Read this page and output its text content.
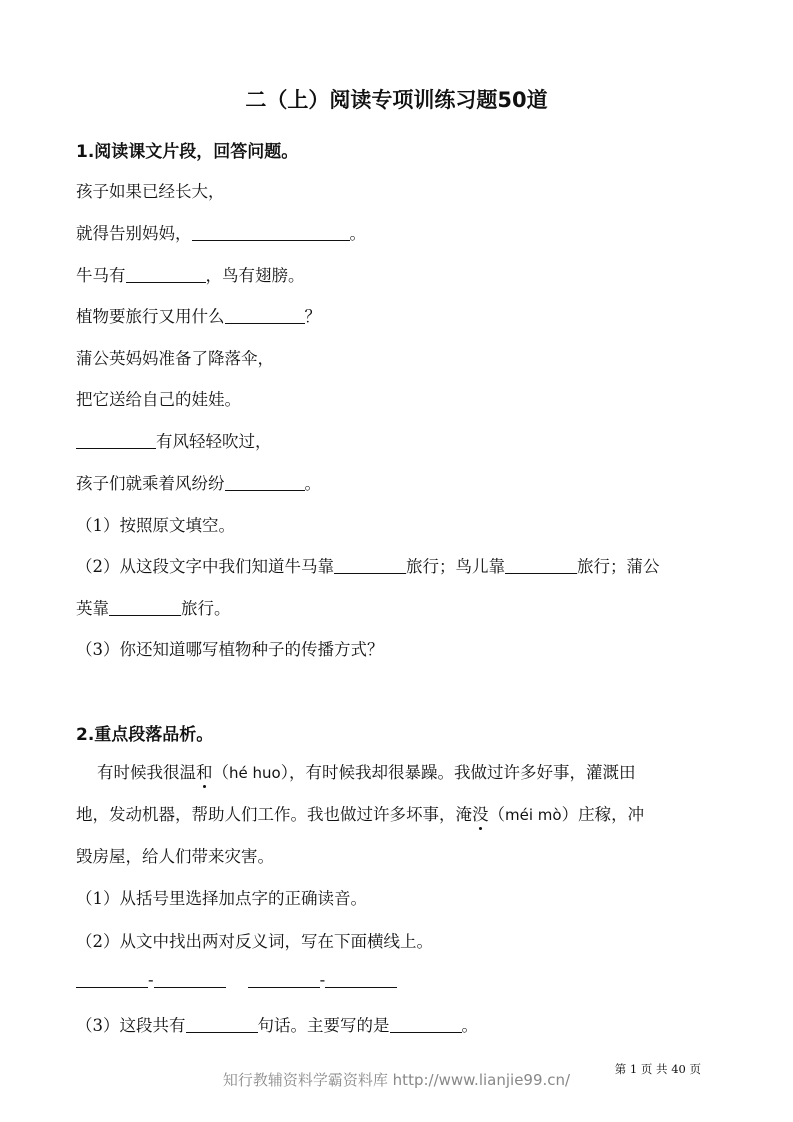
二（上）阅读专项训练习题50道
1.阅读课文片段，回答问题。
孩子如果已经长大，
就得告别妈妈，	。
牛马有	，鸟有翅膀。
植物要旅行又用什么	？
蒲公英妈妈准备了降落伞，
把它送给自己的娃娃。
有风轻轻吹过，
孩子们就乘着风纷纷	。
（1）按照原文填空。
（2）从这段文字中我们知道牛马靠	旅行；鸟儿靠	旅行；蒲公
英靠	旅行。
（3）你还知道哪写植物种子的传播方式？
2.重点段落品析。
有时候我很温和（hé huo），有时候我却很暴躁。我做过许多好事，灌溉田
地，发动机器，帮助人们工作。我也做过许多坏事，淹没（méi mò）庄稼，冲
毁房屋，给人们带来灾害。
（1）从括号里选择加点字的正确读音。
（2）从文中找出两对反义词，写在下面横线上。
-	-
（3）这段共有	句话。主要写的是	。
第 1 页 共 40 页
知行教辅资料学霸资料库 http://www.lianjie99.cn/
